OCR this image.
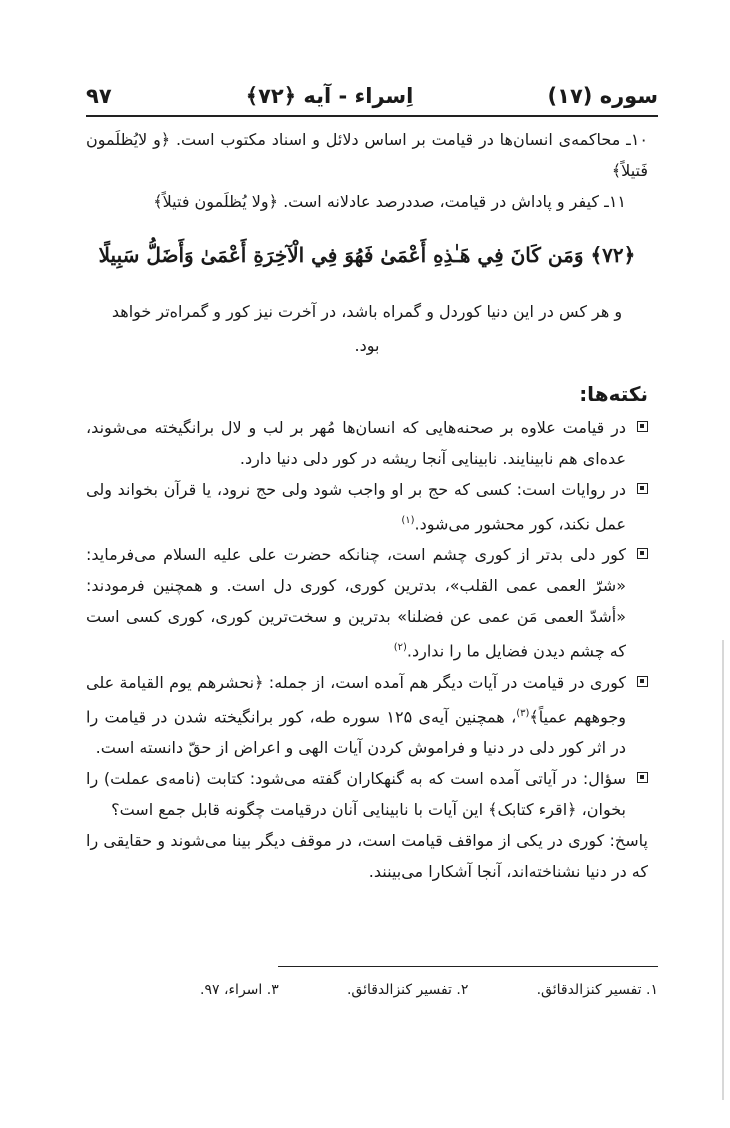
سوره (۱۷)
اِسراء - آیه ﴿۷۲﴾
۹۷

۱۰ـ محاکمه‌ی انسان‌ها در قیامت بر اساس دلائل و اسناد مکتوب است. ﴿و لایُظلَمون فَتیلاً﴾

۱۱ـ کیفر و پاداش در قیامت، صددرصد عادلانه است. ﴿ولا یُظلَمون فتیلاً﴾

﴿۷۲﴾ وَمَن كَانَ فِي هَـٰذِهِ أَعْمَىٰ فَهُوَ فِي الْآخِرَةِ أَعْمَىٰ وَأَضَلُّ سَبِيلًا

و هر کس در این دنیا کوردل و گمراه باشد، در آخرت نیز کور و گمراه‌تر خواهد بود.

نکته‌ها:
در قیامت علاوه بر صحنه‌هایی که انسان‌ها مُهر بر لب و لال برانگیخته می‌شوند، عده‌ای هم نابینایند. نابینایی آنجا ریشه در کور دلی دنیا دارد.
در روایات است: کسی که حج بر او واجب شود ولی حج نرود، یا قرآن بخواند ولی عمل نکند، کور محشور می‌شود.$^{(۱)}$
کور دلی بدتر از کوری چشم است، چنانکه حضرت علی علیه السلام می‌فرماید: «شرّ العمی عمی القلب»، بدترین کوری، کوری دل است. و همچنین فرمودند: «أشدّ العمی مَن عمی عن فضلنا» بدترین و سخت‌ترین کوری، کوری کسی است که چشم دیدن فضایل ما را ندارد.$^{(۲)}$
کوری در قیامت در آیات دیگر هم آمده است، از جمله: ﴿نحشرهم یوم القیامة علی وجوههم عمیاً﴾$^{(۳)}$، همچنین آیه‌ی ۱۲۵ سوره طه، کور برانگیخته شدن در قیامت را در اثر کور دلی در دنیا و فراموش کردن آیات الهی و اعراض از حقّ دانسته است.
سؤال: در آیاتی آمده است که به گنهکاران گفته می‌شود: کتابت (نامه‌ی عملت) را بخوان، ﴿اقرء کتابک﴾ این آیات با نابینایی آنان درقیامت چگونه قابل جمع است؟

پاسخ: کوری در یکی از مواقف قیامت است، در موقف دیگر بینا می‌شوند و حقایقی را که در دنیا نشناخته‌اند، آنجا آشکارا می‌بینند.

۱. تفسیر کنزالدقائق.
۲. تفسیر کنزالدقائق.
۳. اسراء، ۹۷.
